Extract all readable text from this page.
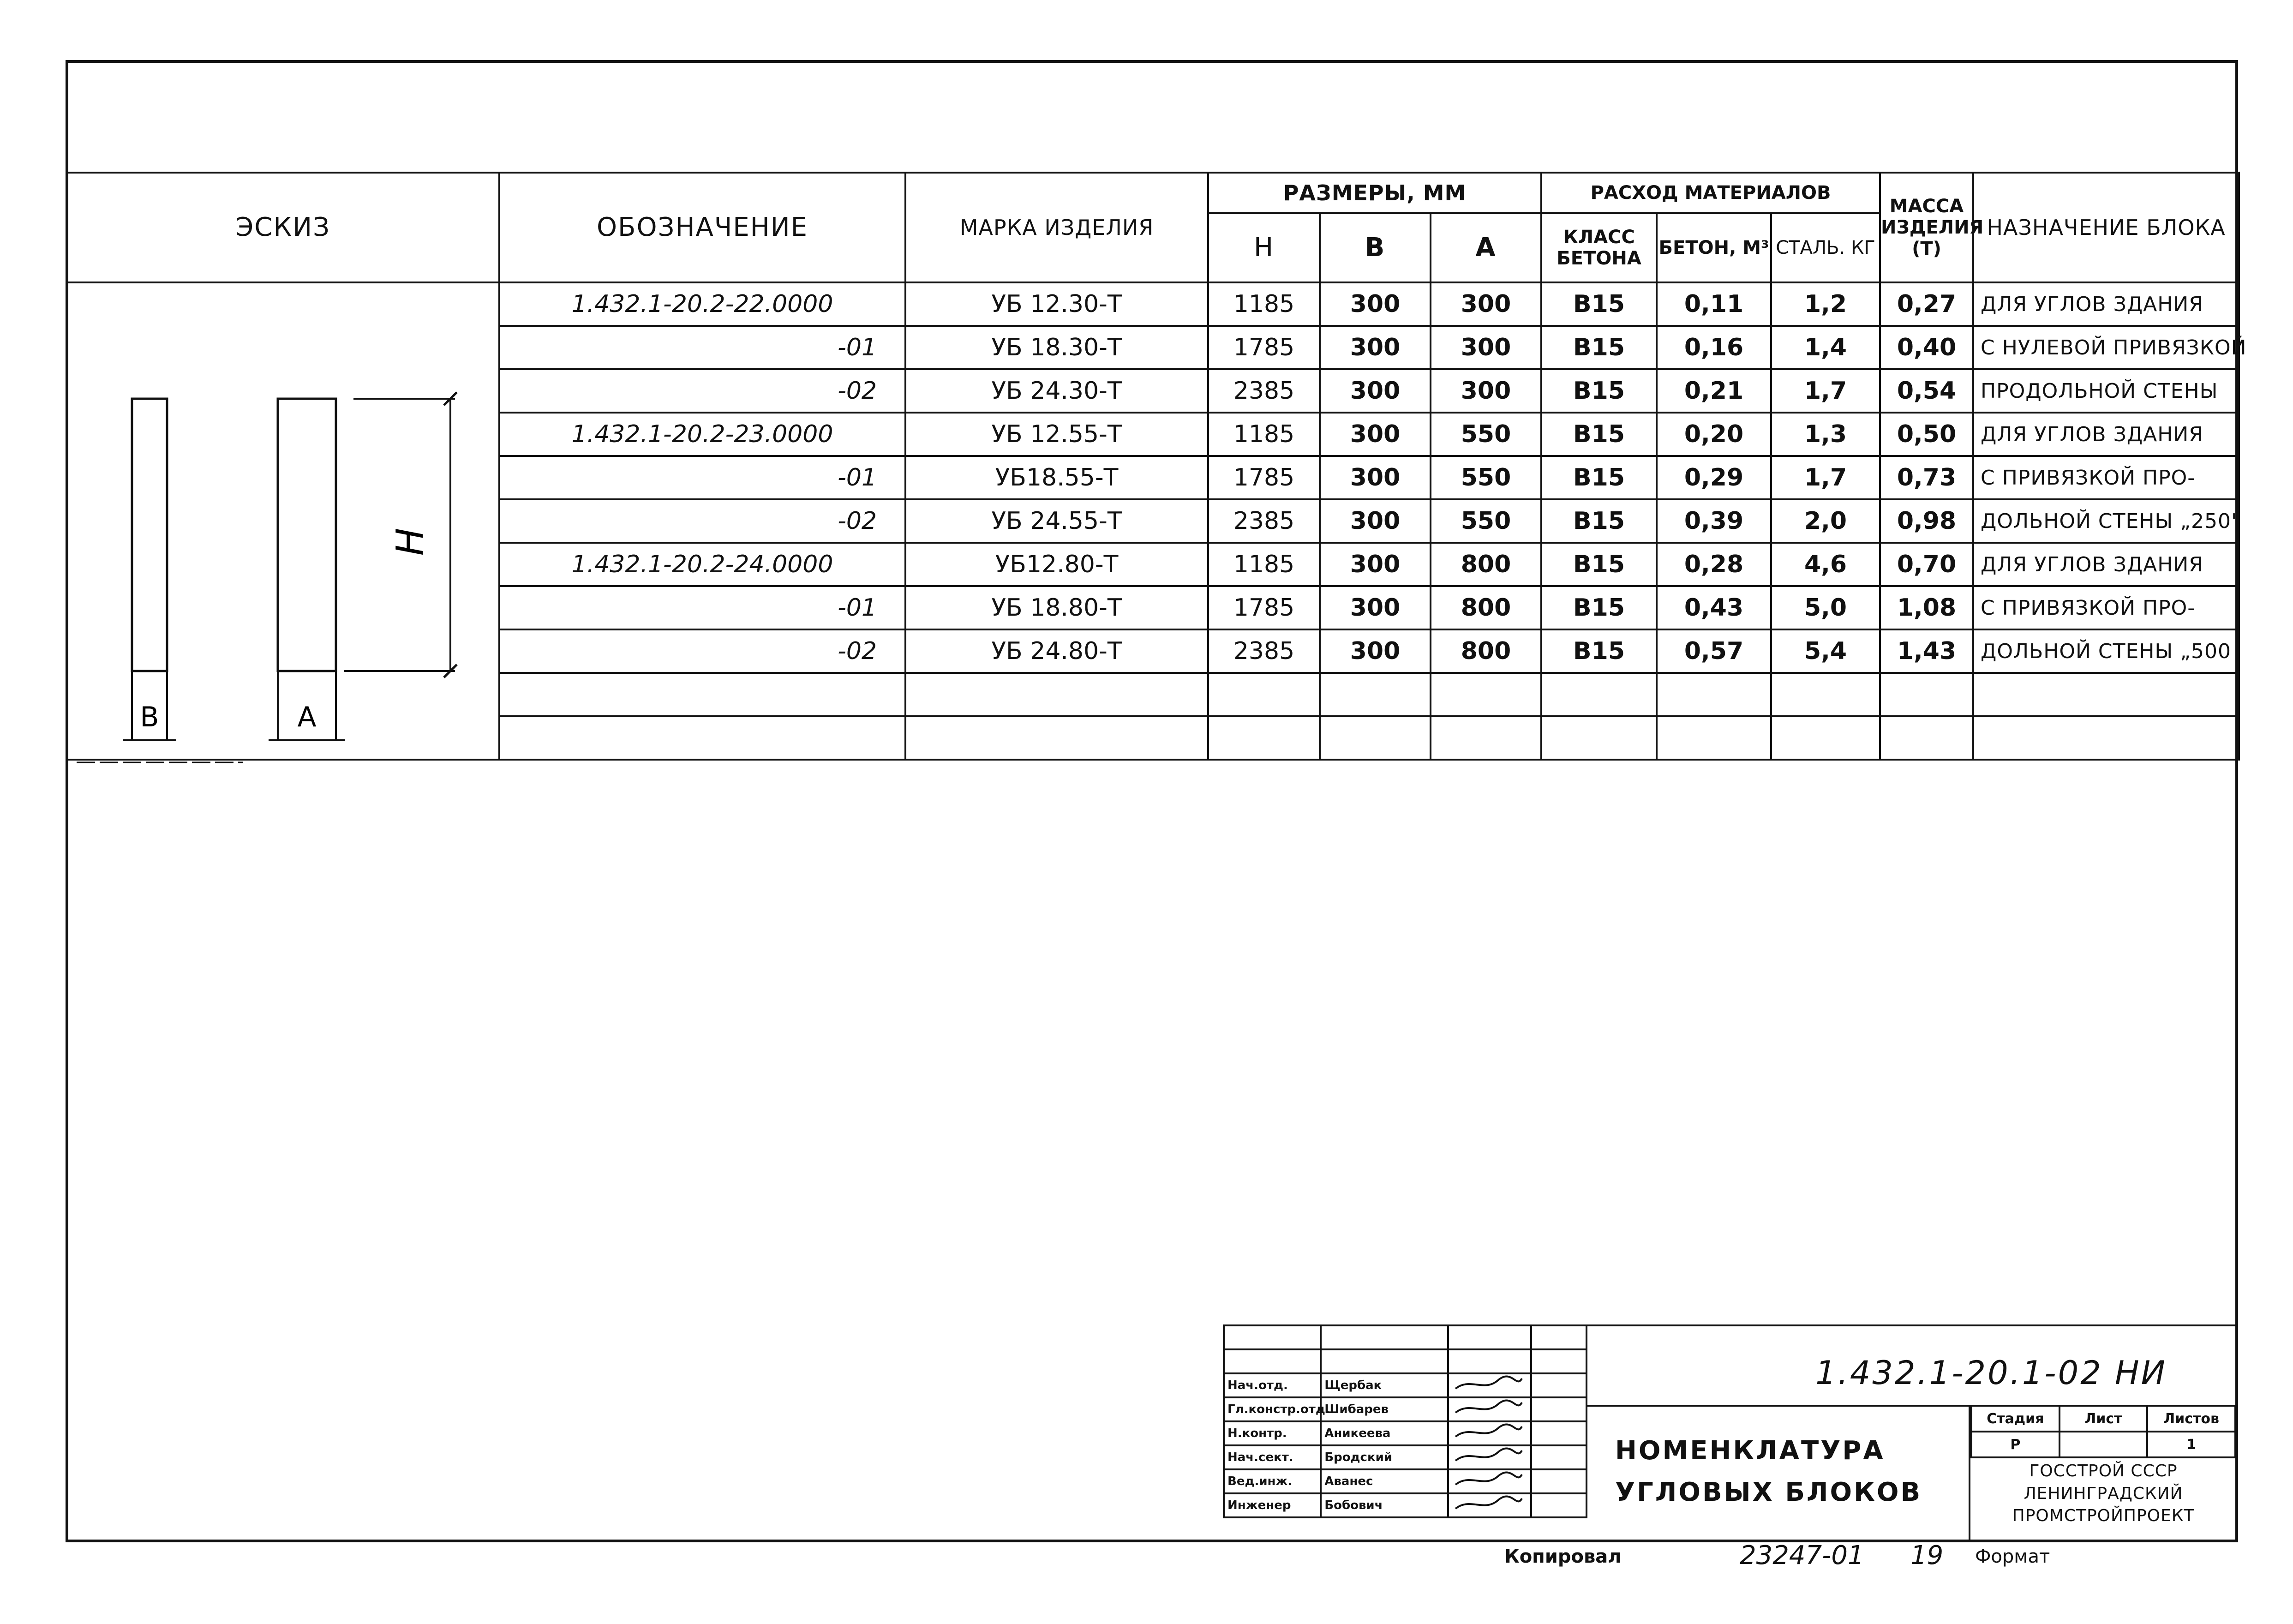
ЭСКИЗ	ОБОЗНАЧЕНИЕ	МАРКА ИЗДЕЛИЯ	РАЗМЕРЫ, ММ			РАСХОД МАТЕРИАЛОВ			МАССА ИЗДЕЛИЯ (Т)	НАЗНАЧЕНИЕ БЛОКА
			Н	В	А	КЛАСС БЕТОНА	БЕТОН, М³	СТАЛЬ. КГ		

В А
Н	1.432.1-20.2-22.0000	УБ 12.30-Т	1185	300	300	В15	0,11	1,2	0,27	ДЛЯ УГЛОВ ЗДАНИЯ
	-01	УБ 18.30-Т	1785	300	300	В15	0,16	1,4	0,40	С НУЛЕВОЙ ПРИВЯЗКОЙ
	-02	УБ 24.30-Т	2385	300	300	В15	0,21	1,7	0,54	ПРОДОЛЬНОЙ СТЕНЫ
	1.432.1-20.2-23.0000	УБ 12.55-Т	1185	300	550	В15	0,20	1,3	0,50	ДЛЯ УГЛОВ ЗДАНИЯ
	-01	УБ18.55-Т	1785	300	550	В15	0,29	1,7	0,73	С ПРИВЯЗКОЙ ПРО-
	-02	УБ 24.55-Т	2385	300	550	В15	0,39	2,0	0,98	ДОЛЬНОЙ СТЕНЫ „250"
	1.432.1-20.2-24.0000	УБ12.80-Т	1185	300	800	В15	0,28	4,6	0,70	ДЛЯ УГЛОВ ЗДАНИЯ
	-01	УБ 18.80-Т	1785	300	800	В15	0,43	5,0	1,08	С ПРИВЯЗКОЙ ПРО-
	-02	УБ 24.80-Т	2385	300	800	В15	0,57	5,4	1,43	ДОЛЬНОЙ СТЕНЫ „500

Нач.отд.	Щербак		
Гл.констр.отд.	Шибарев		
Н.контр.	Аникеева		
Нач.сект.	Бродский		
Вед.инж.	Аванес		
Инженер	Бобович		
1.432.1-20.1-02 НИ
НОМЕНКЛАТУРА
УГЛОВЫХ БЛОКОВ
Стадия	Лист	Листов
Р		1
ГОССТРОЙ СССР
ЛЕНИНГРАДСКИЙ
ПРОМСТРОЙПРОЕКТ
Копировал	23247-01 19 Формат
